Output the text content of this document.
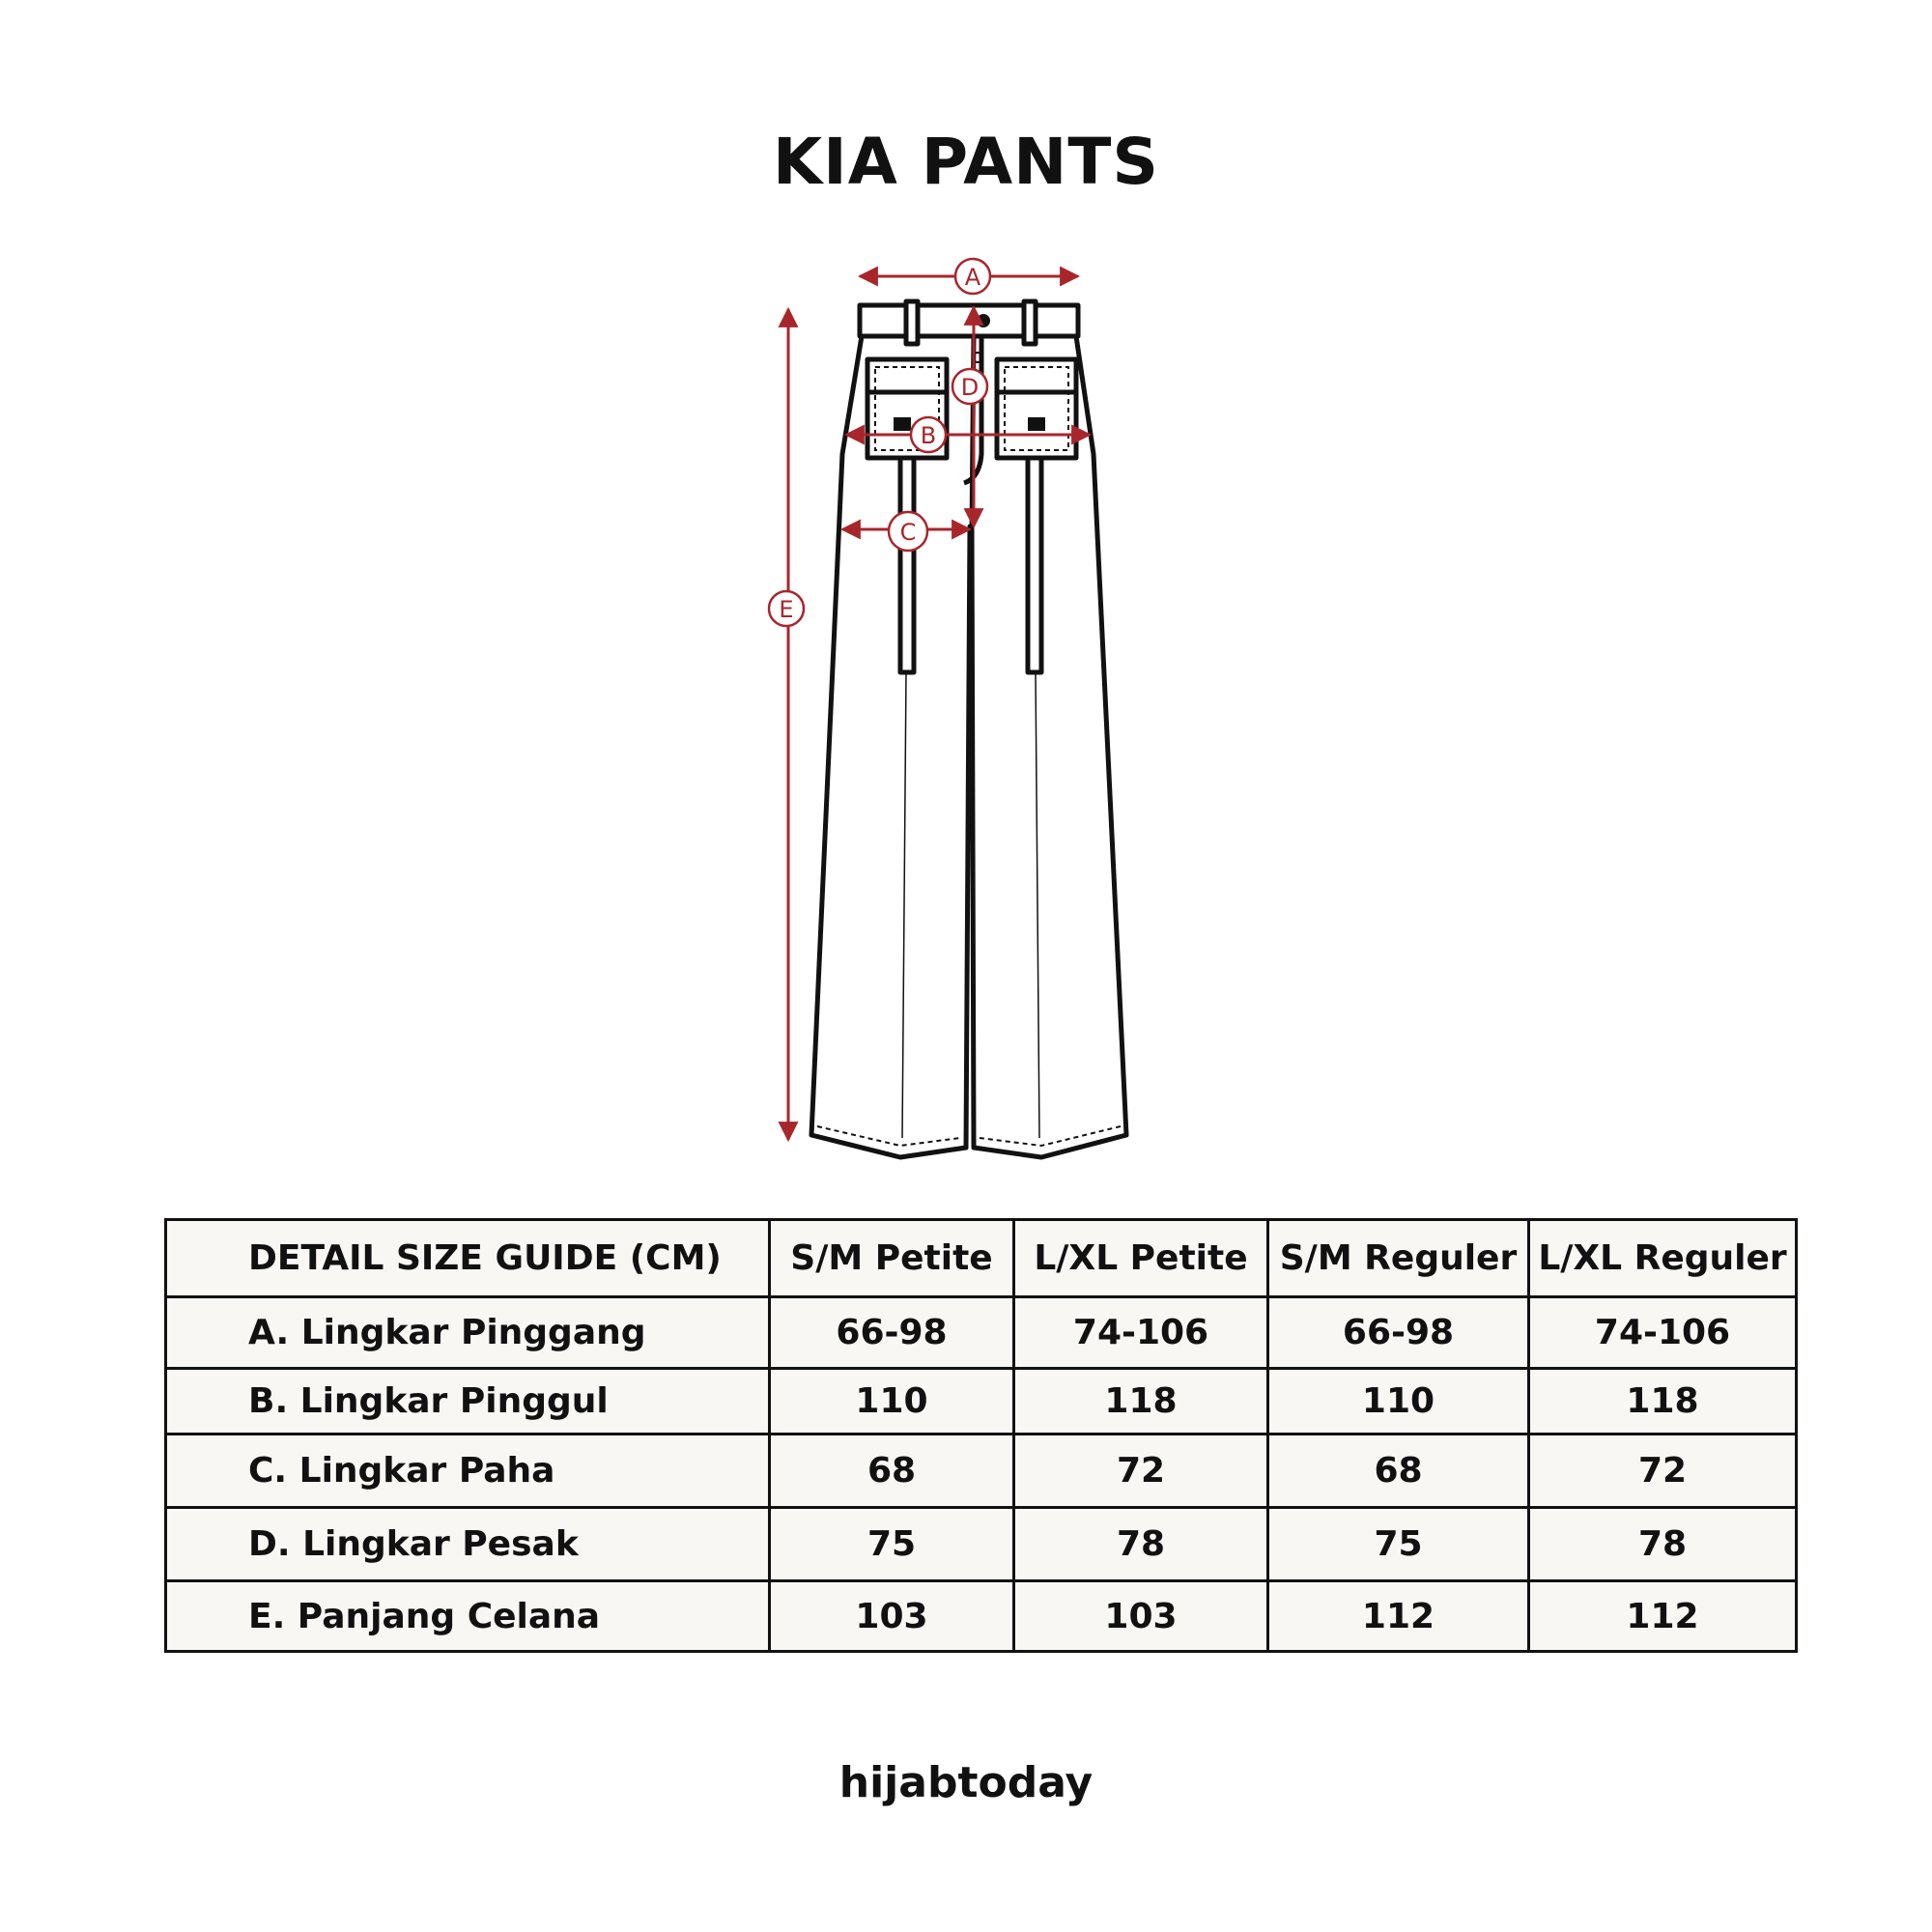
KIA PANTS
A
B
C
D
E
DETAIL SIZE GUIDE (CM)	S/M Petite	L/XL Petite	S/M Reguler	L/XL Reguler
A. Lingkar Pinggang	66-98	74-106	66-98	74-106
B. Lingkar Pinggul	110	118	110	118
C. Lingkar Paha	68	72	68	72
D. Lingkar Pesak	75	78	75	78
E. Panjang Celana	103	103	112	112
hijabtoday
